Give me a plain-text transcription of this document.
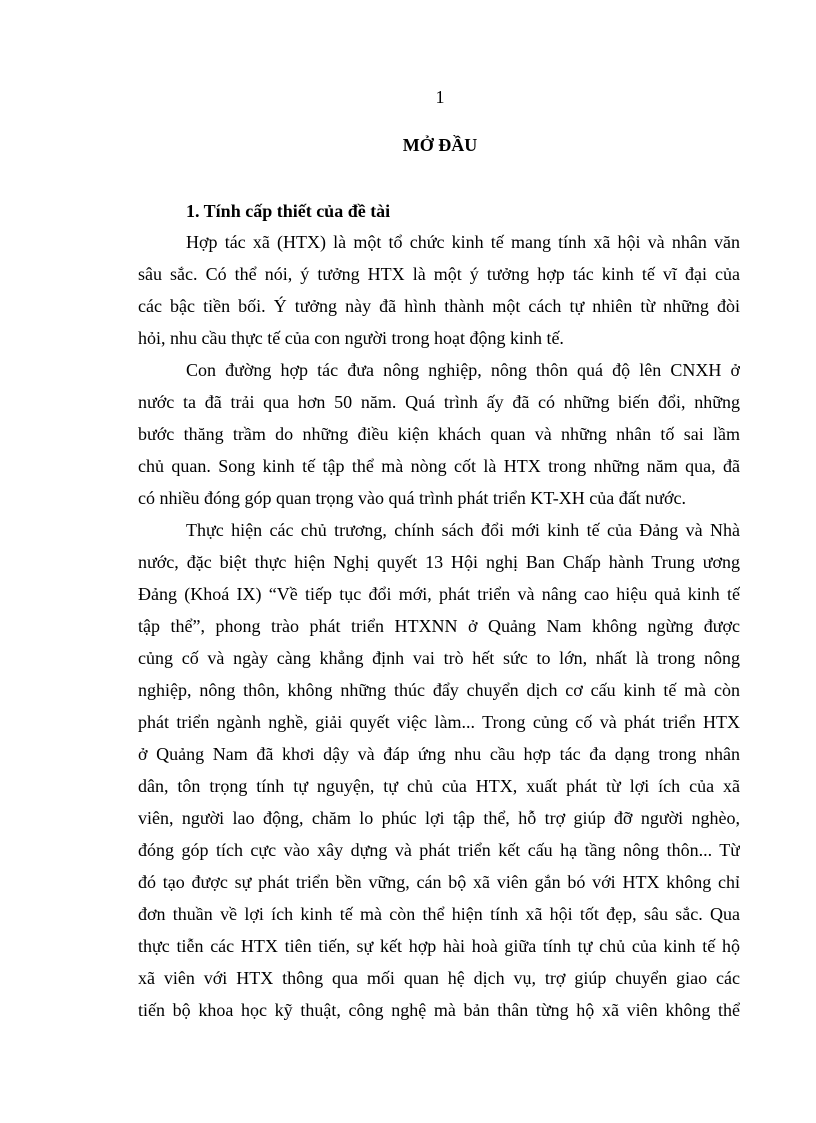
1
MỞ ĐẦU
1. Tính cấp thiết của đề tài
Hợp tác xã (HTX) là một tổ chức kinh tế mang tính xã hội và nhân văn
sâu sắc. Có thể nói, ý tưởng HTX là một ý tưởng hợp tác kinh tế vĩ đại của
các bậc tiền bối. Ý tưởng này đã hình thành một cách tự nhiên từ những đòi
hỏi, nhu cầu thực tế của con người trong hoạt động kinh tế.
Con đường hợp tác đưa nông nghiệp, nông thôn quá độ lên CNXH ở
nước ta đã trải qua hơn 50 năm. Quá trình ấy đã có những biến đổi, những
bước thăng trầm do những điều kiện khách quan và những nhân tố sai lầm
chủ quan. Song kinh tế tập thể mà nòng cốt là HTX trong những năm qua, đã
có nhiều đóng góp quan trọng vào quá trình phát triển KT-XH của đất nước.
Thực hiện các chủ trương, chính sách đổi mới kinh tế của Đảng và Nhà
nước, đặc biệt thực hiện Nghị quyết 13 Hội nghị Ban Chấp hành Trung ương
Đảng (Khoá IX) “Về tiếp tục đổi mới, phát triển và nâng cao hiệu quả kinh tế
tập thể”, phong trào phát triển HTXNN ở Quảng Nam không ngừng được
củng cố và ngày càng khẳng định vai trò hết sức to lớn, nhất là trong nông
nghiệp, nông thôn, không những thúc đẩy chuyển dịch cơ cấu kinh tế mà còn
phát triển ngành nghề, giải quyết việc làm... Trong củng cố và phát triển HTX
ở Quảng Nam đã khơi dậy và đáp ứng nhu cầu hợp tác đa dạng trong nhân
dân, tôn trọng tính tự nguyện, tự chủ của HTX, xuất phát từ lợi ích của xã
viên, người lao động, chăm lo phúc lợi tập thể, hỗ trợ giúp đỡ người nghèo,
đóng góp tích cực vào xây dựng và phát triển kết cấu hạ tầng nông thôn... Từ
đó tạo được sự phát triển bền vững, cán bộ xã viên gắn bó với HTX không chỉ
đơn thuần về lợi ích kinh tế mà còn thể hiện tính xã hội tốt đẹp, sâu sắc. Qua
thực tiễn các HTX tiên tiến, sự kết hợp hài hoà giữa tính tự chủ của kinh tế hộ
xã viên với HTX thông qua mối quan hệ dịch vụ, trợ giúp chuyển giao các
tiến bộ khoa học kỹ thuật, công nghệ mà bản thân từng hộ xã viên không thể
